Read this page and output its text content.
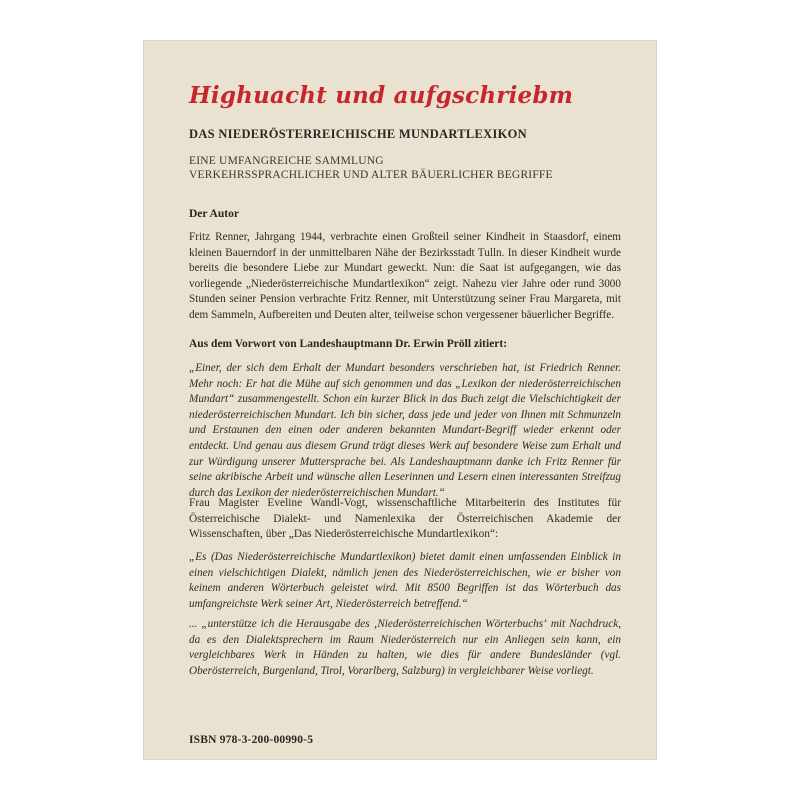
Highuacht und aufgschriebm
DAS NIEDERÖSTERREICHISCHE MUNDARTLEXIKON
EINE UMFANGREICHE SAMMLUNG
VERKEHRSSPRACHLICHER UND ALTER BÄUERLICHER BEGRIFFE
Der Autor
Fritz Renner, Jahrgang 1944, verbrachte einen Großteil seiner Kindheit in Staasdorf, einem kleinen Bauerndorf in der unmittelbaren Nähe der Bezirksstadt Tulln. In dieser Kindheit wurde bereits die besondere Liebe zur Mundart geweckt. Nun: die Saat ist aufgegangen, wie das vorliegende „Niederösterreichische Mundartlexikon“ zeigt. Nahezu vier Jahre oder rund 3000 Stunden seiner Pension verbrachte Fritz Renner, mit Unterstützung seiner Frau Margareta, mit dem Sammeln, Aufbereiten und Deuten alter, teilweise schon vergessener bäuerlicher Begriffe.
Aus dem Vorwort von Landeshauptmann Dr. Erwin Pröll zitiert:
„Einer, der sich dem Erhalt der Mundart besonders verschrieben hat, ist Friedrich Renner. Mehr noch: Er hat die Mühe auf sich genommen und das „Lexikon der niederösterreichischen Mundart“ zusammengestellt. Schon ein kurzer Blick in das Buch zeigt die Vielschichtigkeit der niederösterreichischen Mundart. Ich bin sicher, dass jede und jeder von Ihnen mit Schmunzeln und Erstaunen den einen oder anderen bekannten Mundart-Begriff wieder erkennt oder entdeckt. Und genau aus diesem Grund trägt dieses Werk auf besondere Weise zum Erhalt und zur Würdigung unserer Muttersprache bei. Als Landeshauptmann danke ich Fritz Renner für seine akribische Arbeit und wünsche allen Leserinnen und Lesern einen interessanten Streifzug durch das Lexikon der niederösterreichischen Mundart.“
Frau Magister Eveline Wandl-Vogt, wissenschaftliche Mitarbeiterin des Institutes für Österreichische Dialekt- und Namenlexika der Österreichischen Akademie der Wissenschaften, über „Das Niederösterreichische Mundartlexikon“:
„Es (Das Niederösterreichische Mundartlexikon) bietet damit einen umfassenden Einblick in einen vielschichtigen Dialekt, nämlich jenen des Niederösterreichischen, wie er bisher von keinem anderen Wörterbuch geleistet wird. Mit 8500 Begriffen ist das Wörterbuch das umfangreichste Werk seiner Art, Niederösterreich betreffend.“
... „unterstütze ich die Herausgabe des ‚Niederösterreichischen Wörterbuchs‘ mit Nachdruck, da es den Dialektsprechern im Raum Niederösterreich nur ein Anliegen sein kann, ein vergleichbares Werk in Händen zu halten, wie dies für andere Bundesländer (vgl. Oberösterreich, Burgenland, Tirol, Vorarlberg, Salzburg) in vergleichbarer Weise vorliegt.
ISBN 978-3-200-00990-5
